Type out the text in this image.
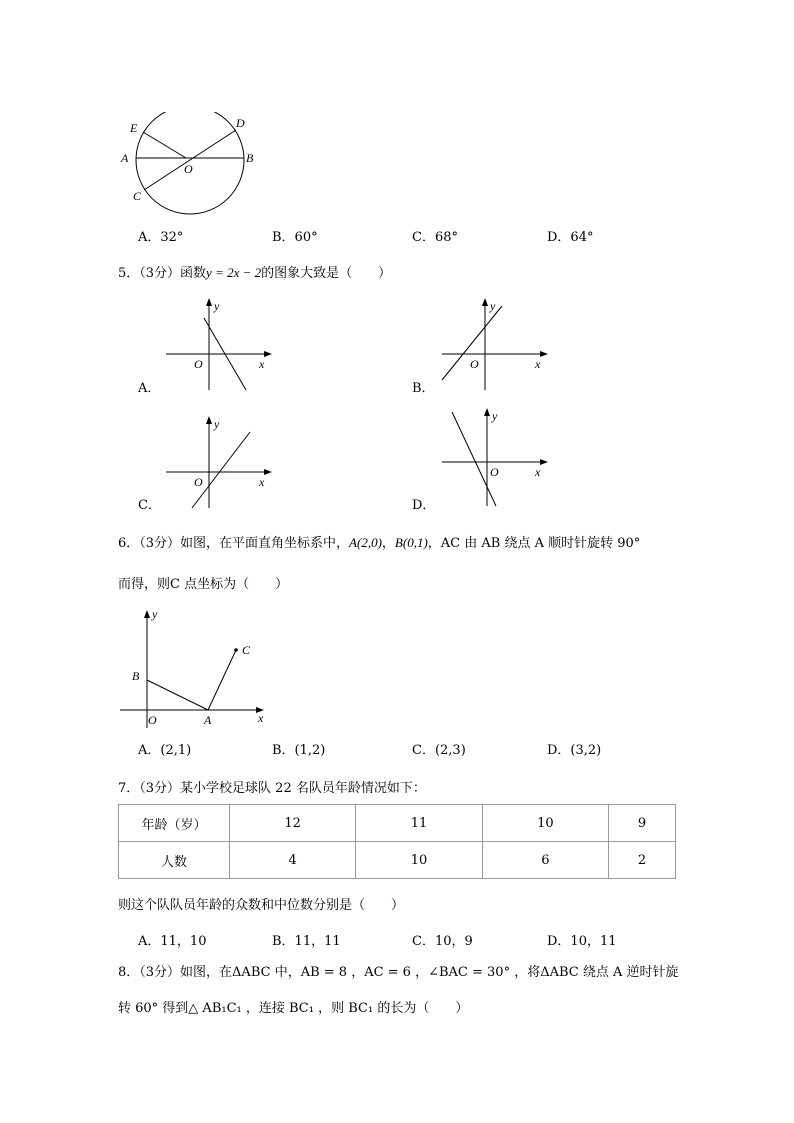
E	D
A	B
O
C
A．32°	B．60°	C．68°	D．64°
5．（3分）函数y = 2x − 2的图象大致是（　　）
y
x
O
A．
y
x
O
B．
y
x
O
C．
y
x
O
D．
6．（3分）如图，在平面直角坐标系中，A(2,0)，B(0,1)，AC 由 AB 绕点 A 顺时针旋转 90°
而得，则C 点坐标为（　　）
y
x
B
O	A
C
A．(2,1)	B．(1,2)	C．(2,3)	D．(3,2)
7．（3分）某小学校足球队 22 名队员年龄情况如下：
年龄（岁）	12	11	10	9
人数	4	10	6	2
则这个队队员年龄的众数和中位数分别是（　　）
A．11，10	B．11，11	C．10，9	D．10，11
8．（3分）如图，在ΔABC 中，AB = 8 ，AC = 6 ，∠BAC = 30° ，将ΔABC 绕点 A 逆时针旋
转 60° 得到△ AB₁C₁ ，连接 BC₁ ，则 BC₁ 的长为（　　）
